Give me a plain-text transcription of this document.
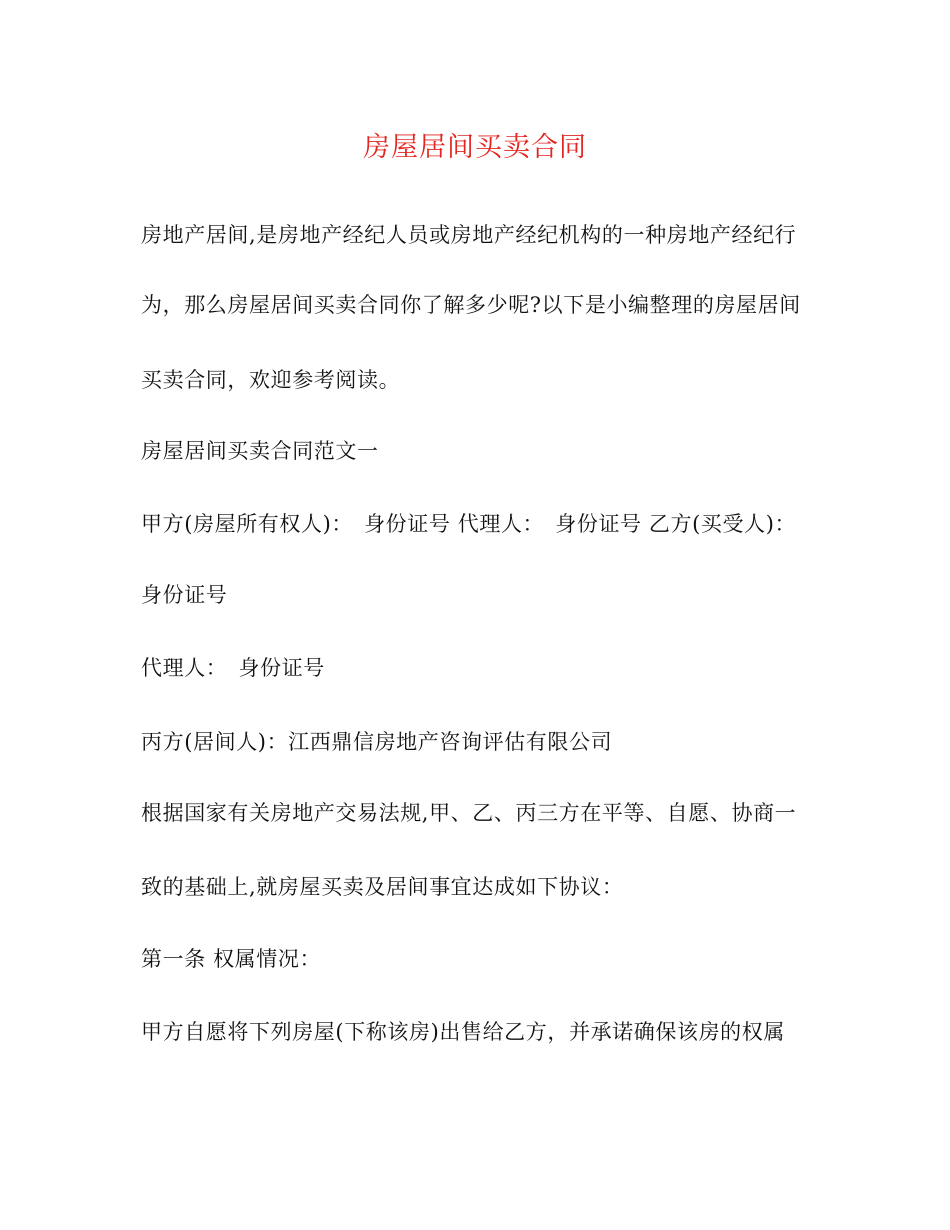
房屋居间买卖合同
房地产居间,是房地产经纪人员或房地产经纪机构的一种房地产经纪行
为，那么房屋居间买卖合同你了解多少呢?以下是小编整理的房屋居间
买卖合同，欢迎参考阅读。
房屋居间买卖合同范文一
甲方(房屋所有权人)：　身份证号 代理人：　身份证号 乙方(买受人)：
身份证号
代理人：　身份证号
丙方(居间人)：江西鼎信房地产咨询评估有限公司
根据国家有关房地产交易法规,甲、乙、丙三方在平等、自愿、协商一
致的基础上,就房屋买卖及居间事宜达成如下协议：
第一条 权属情况：
甲方自愿将下列房屋(下称该房)出售给乙方，并承诺确保该房的权属
